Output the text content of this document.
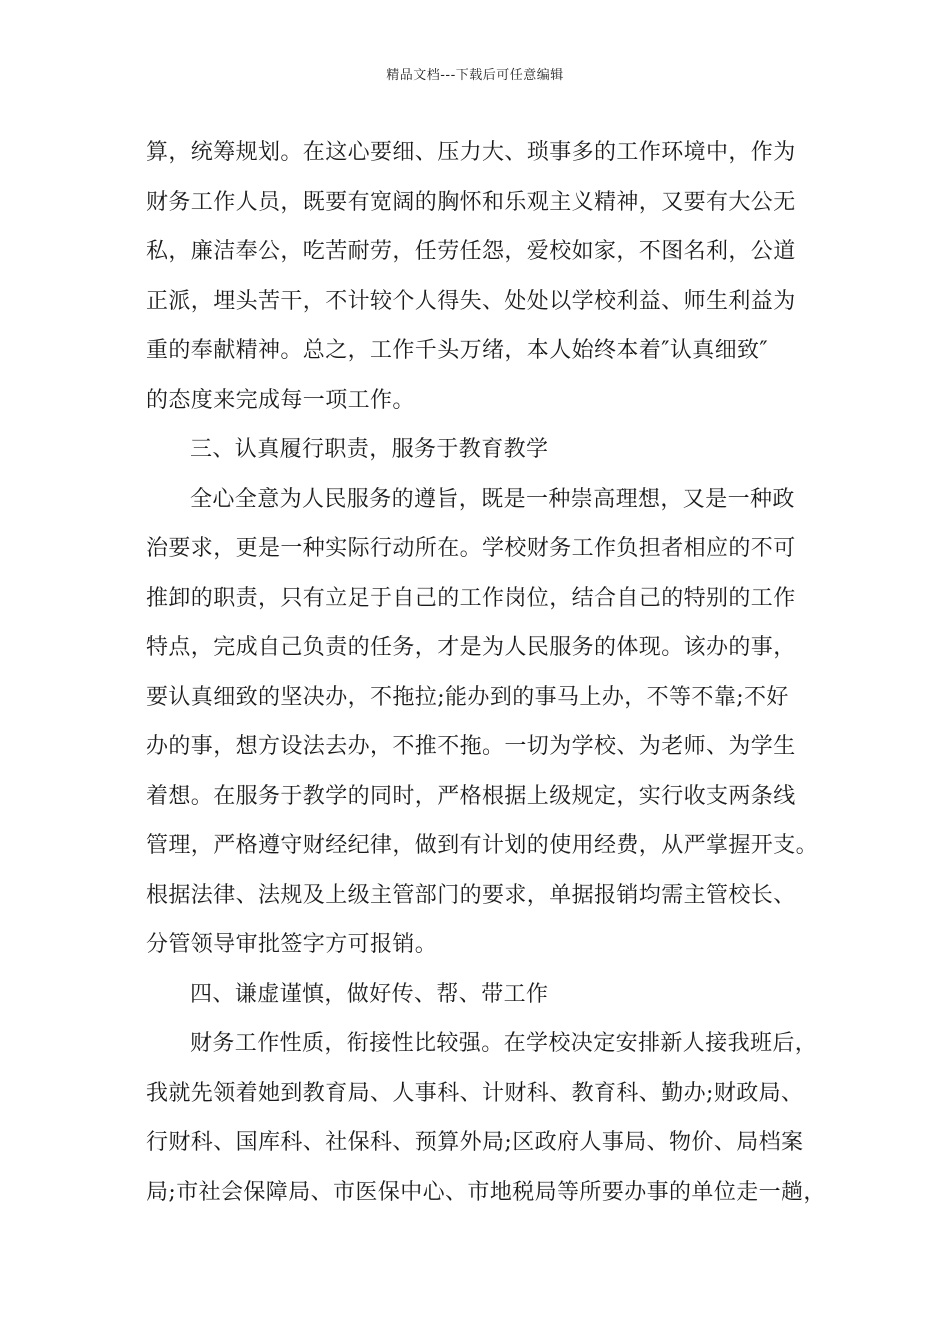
精品文档---下载后可任意编辑
算，统筹规划。在这心要细、压力大、琐事多的工作环境中，作为
财务工作人员，既要有宽阔的胸怀和乐观主义精神，又要有大公无
私，廉洁奉公，吃苦耐劳，任劳任怨，爱校如家，不图名利，公道
正派，埋头苦干，不计较个人得失、处处以学校利益、师生利益为
重的奉献精神。总之，工作千头万绪，本人始终本着″认真细致″
的态度来完成每一项工作。
三、认真履行职责，服务于教育教学
全心全意为人民服务的遵旨，既是一种崇高理想，又是一种政
治要求，更是一种实际行动所在。学校财务工作负担者相应的不可
推卸的职责，只有立足于自己的工作岗位，结合自己的特别的工作
特点，完成自己负责的任务，才是为人民服务的体现。该办的事，
要认真细致的坚决办，不拖拉;能办到的事马上办，不等不靠;不好
办的事，想方设法去办，不推不拖。一切为学校、为老师、为学生
着想。在服务于教学的同时，严格根据上级规定，实行收支两条线
管理，严格遵守财经纪律，做到有计划的使用经费，从严掌握开支。
根据法律、法规及上级主管部门的要求，单据报销均需主管校长、
分管领导审批签字方可报销。
四、谦虚谨慎，做好传、帮、带工作
财务工作性质，衔接性比较强。在学校决定安排新人接我班后，
我就先领着她到教育局、人事科、计财科、教育科、勤办;财政局、
行财科、国库科、社保科、预算外局;区政府人事局、物价、局档案
局;市社会保障局、市医保中心、市地税局等所要办事的单位走一趟，
